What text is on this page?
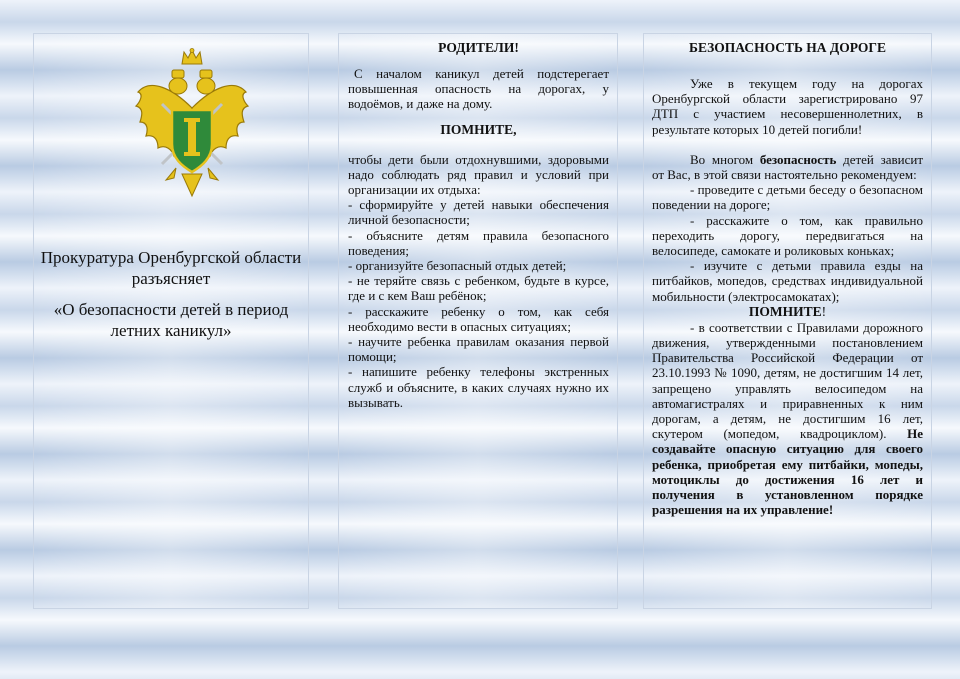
Прокуратура Оренбургской области разъясняет
«О безопасности детей в период летних каникул»
РОДИТЕЛИ!

С началом каникул детей подстерегает повышенная опасность на дорогах, у водоёмов, и даже на дому.

ПОМНИТЕ,

чтобы дети были отдохнувшими, здоровыми надо соблюдать ряд правил и условий при организации их отдыха:

- сформируйте у детей навыки обеспечения личной безопасности;
- объясните детям правила безопасного поведения;
- организуйте безопасный отдых детей;
- не теряйте связь с ребенком, будьте в курсе, где и с кем Ваш ребёнок;
- расскажите ребенку о том, как себя необходимо вести в опасных ситуациях;
- научите ребенка правилам оказания первой помощи;
- напишите ребенку телефоны экстренных служб и объясните, в каких случаях нужно их вызывать.
БЕЗОПАСНОСТЬ НА ДОРОГЕ

Уже в текущем году на дорогах Оренбургской области зарегистрировано 97 ДТП с участием несовершеннолетних, в результате которых 10 детей погибли!

Во многом безопасность детей зависит от Вас, в этой связи настоятельно рекомендуем:

- проведите с детьми беседу о безопасном поведении на дороге;
- расскажите о том, как правильно переходить дорогу, передвигаться на велосипеде, самокате и роликовых коньках;
- изучите с детьми правила езды на питбайков, мопедов, средствах индивидуальной мобильности (электросамокатах);
ПОМНИТЕ!

- в соответствии с Правилами дорожного движения, утвержденными постановлением Правительства Российской Федерации от 23.10.1993 № 1090, детям, не достигшим 14 лет, запрещено управлять велосипедом на автомагистралях и приравненных к ним дорогам, а детям, не достигшим 16 лет, скутером (мопедом, квадроциклом). Не создавайте опасную ситуацию для своего ребенка, приобретая ему питбайки, мопеды, мотоциклы до достижения 16 лет и получения в установленном порядке разрешения на их управление!
